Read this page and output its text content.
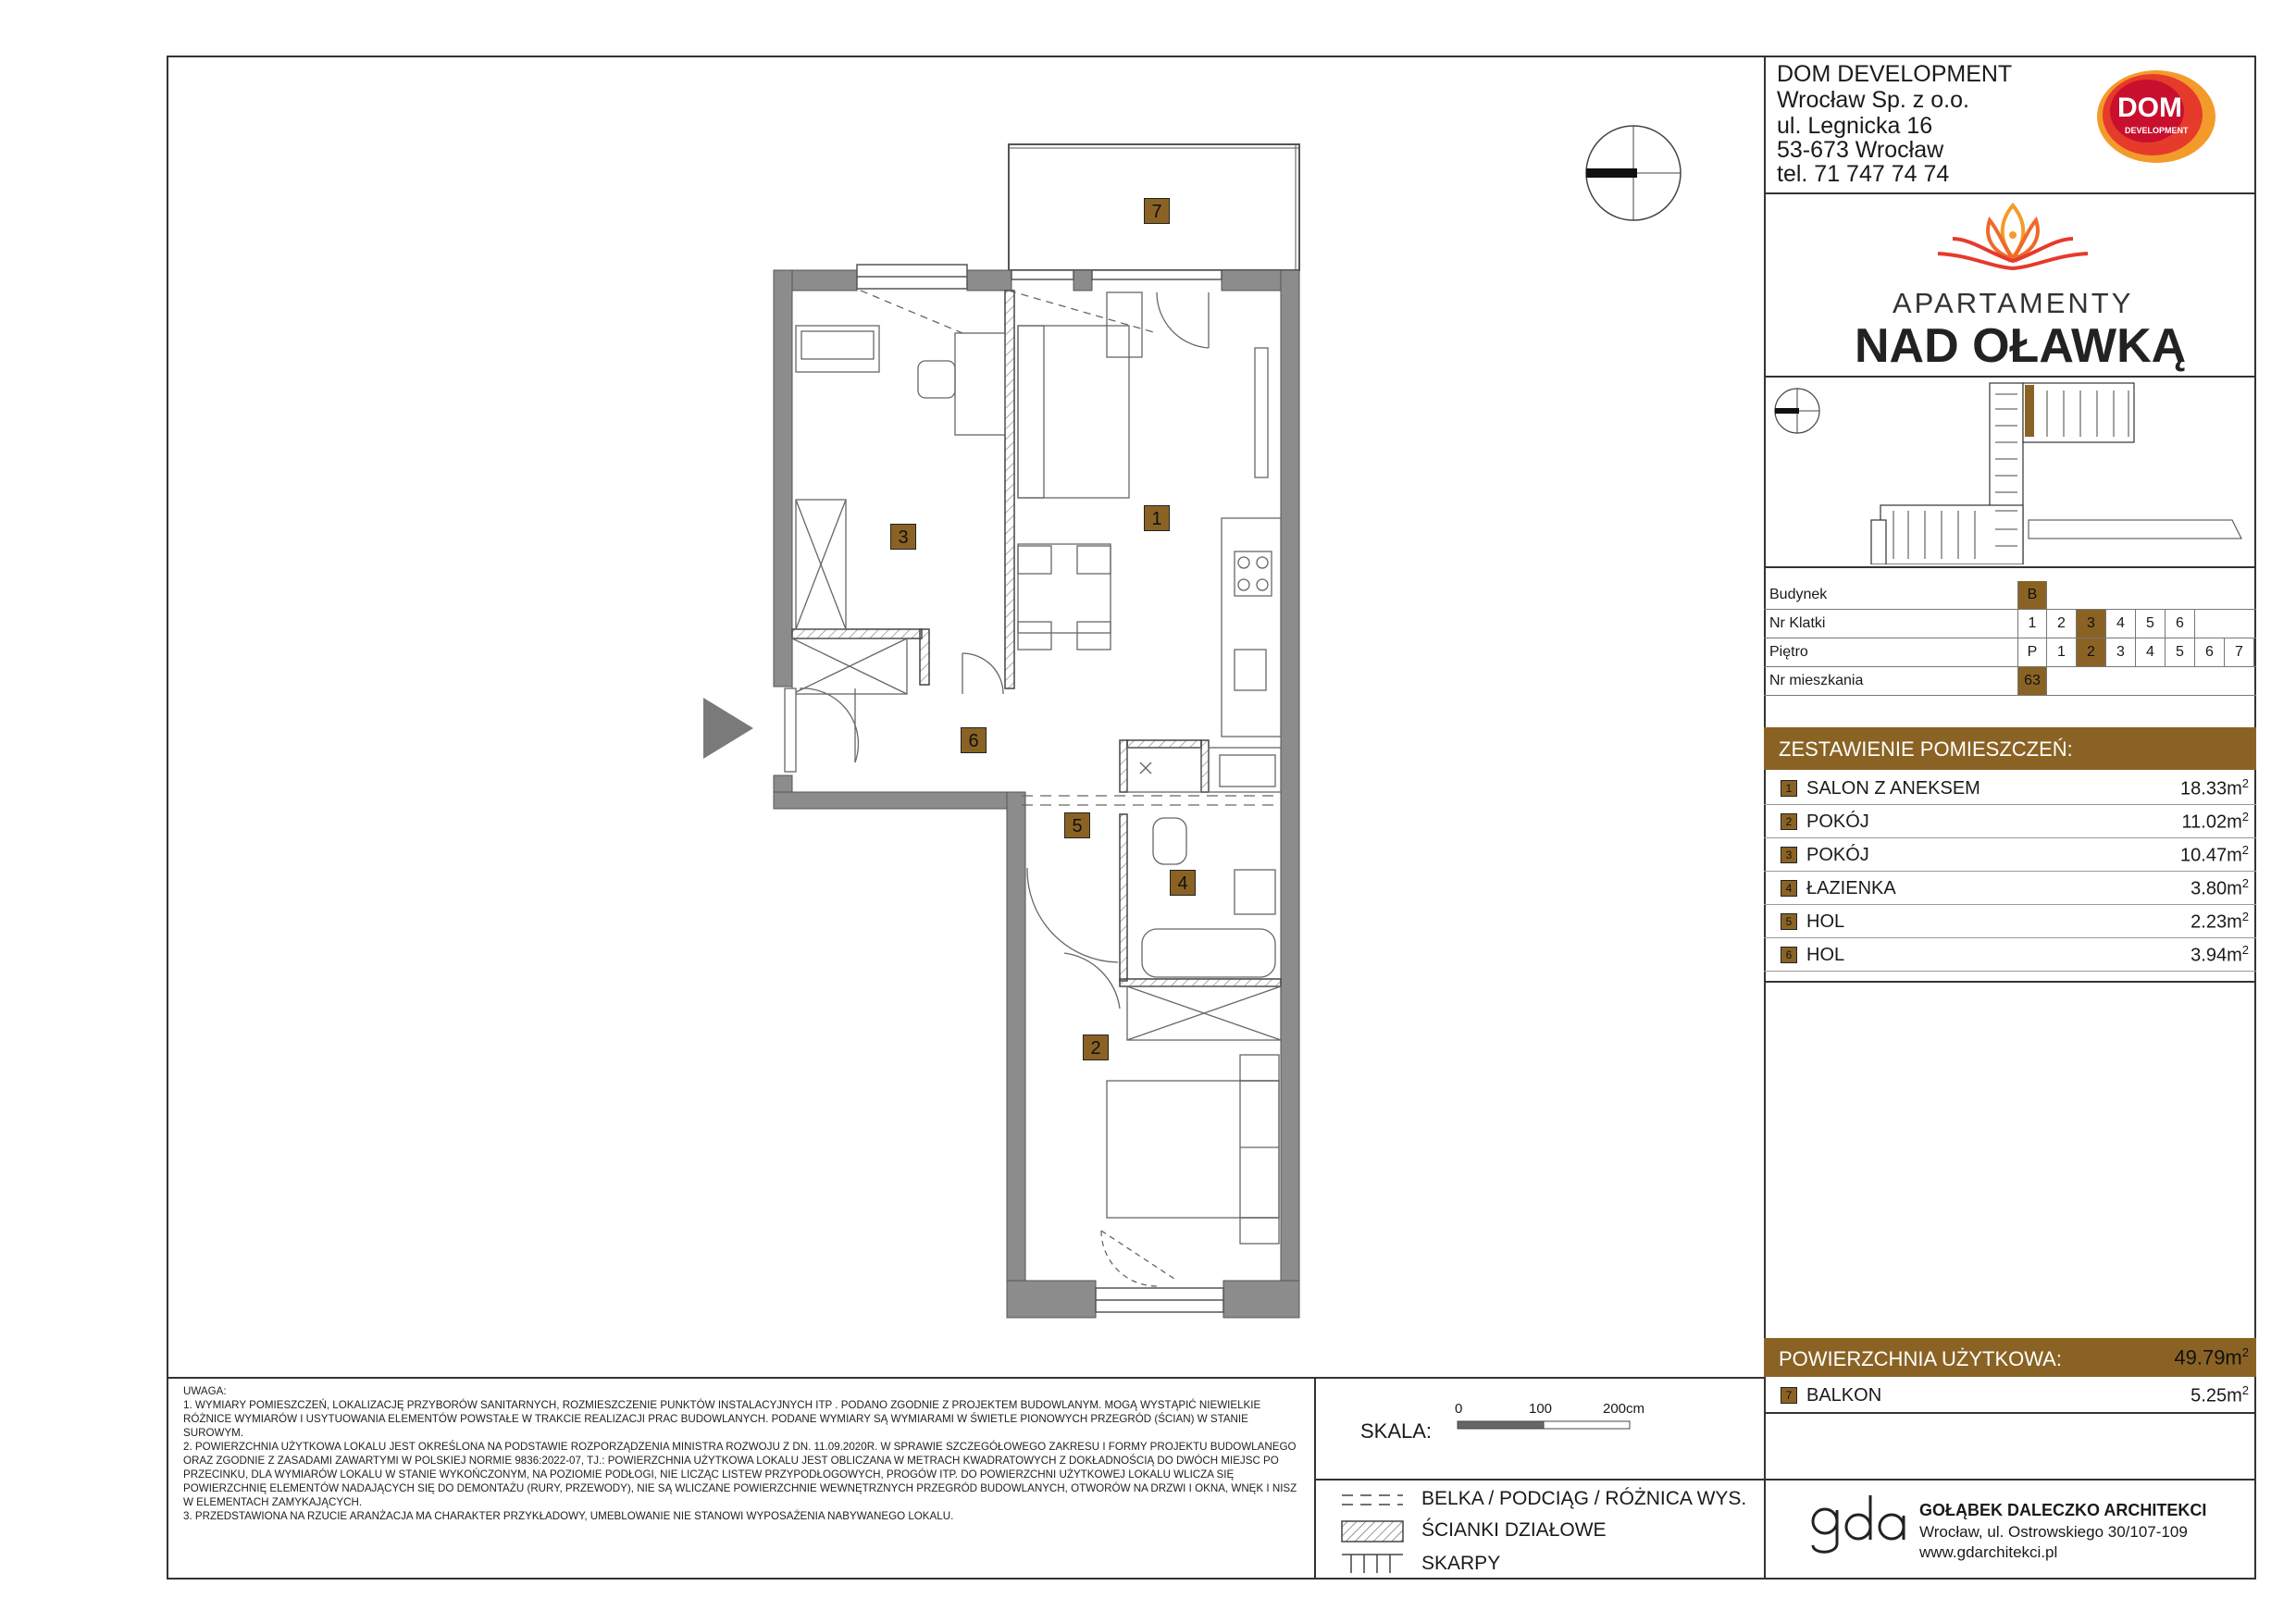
1
2
3
4
5
6
7
DOM DEVELOPMENT
Wrocław Sp. z o.o.
ul. Legnicka 16
53-673 Wrocław
tel. 71 747 74 74
DOM
DEVELOPMENT
APARTAMENTY
NAD OŁAWKĄ
Budynek	B
Nr Klatki	1	2	3	4	5	6
Piętro	P	1	2	3	4	5	6	7
Nr mieszkania	63
ZESTAWIENIE POMIESZCZEŃ:
1 SALON Z ANEKSEM	$18.33m^2$
2 POKÓJ	$11.02m^2$
3 POKÓJ	$10.47m^2$
4 ŁAZIENKA	$3.80m^2$
5 HOL	$2.23m^2$
6 HOL	$3.94m^2$
POWIERZCHNIA UŻYTKOWA:	$49.79m^2$
7 BALKON	$5.25m^2$
GOŁĄBEK DALECZKO ARCHITEKCI
Wrocław, ul. Ostrowskiego 30/107-109
www.gdarchitekci.pl

UWAGA:

1. WYMIARY POMIESZCZEŃ, LOKALIZACJĘ PRZYBORÓW SANITARNYCH, ROZMIESZCZENIE PUNKTÓW INSTALACYJNYCH ITP . PODANO ZGODNIE Z PROJEKTEM BUDOWLANYM. MOGĄ WYSTĄPIĆ NIEWIELKIE RÓŻNICE WYMIARÓW I USYTUOWANIA ELEMENTÓW POWSTAŁE W TRAKCIE REALIZACJI PRAC BUDOWLANYCH. PODANE WYMIARY SĄ WYMIARAMI W ŚWIETLE PIONOWYCH PRZEGRÓD (ŚCIAN) W STANIE SUROWYM.

2. POWIERZCHNIA UŻYTKOWA LOKALU JEST OKREŚLONA NA PODSTAWIE ROZPORZĄDZENIA MINISTRA ROZWOJU Z DN. 11.09.2020R. W SPRAWIE SZCZEGÓŁOWEGO ZAKRESU I FORMY PROJEKTU BUDOWLANEGO ORAZ ZGODNIE Z ZASADAMI ZAWARTYMI W POLSKIEJ NORMIE 9836:2022-07, TJ.: POWIERZCHNIA UŻYTKOWA LOKALU JEST OBLICZANA W METRACH KWADRATOWYCH Z DOKŁADNOŚCIĄ DO DWÓCH MIEJSC PO PRZECINKU, DLA WYMIARÓW LOKALU W STANIE WYKOŃCZONYM, NA POZIOMIE PODŁOGI, NIE LICZĄC LISTEW PRZYPODŁOGOWYCH, PROGÓW ITP. DO POWIERZCHNI UŻYTKOWEJ LOKALU WLICZA SIĘ POWIERZCHNIĘ ELEMENTÓW NADAJĄCYCH SIĘ DO DEMONTAŻU (RURY, PRZEWODY), NIE SĄ WLICZANE POWIERZCHNIE WEWNĘTRZNYCH PRZEGRÓD BUDOWLANYCH, OTWORÓW NA DRZWI I OKNA, WNĘK I NISZ W ELEMENTACH ZAMYKAJĄCYCH.

3. PRZEDSTAWIONA NA RZUCIE ARANŻACJA MA CHARAKTER PRZYKŁADOWY, UMEBLOWANIE NIE STANOWI WYPOSAŻENIA NABYWANEGO LOKALU.

SKALA:
0	100	200cm
BELKA / PODCIĄG / RÓŻNICA WYS.
ŚCIANKI DZIAŁOWE
SKARPY
